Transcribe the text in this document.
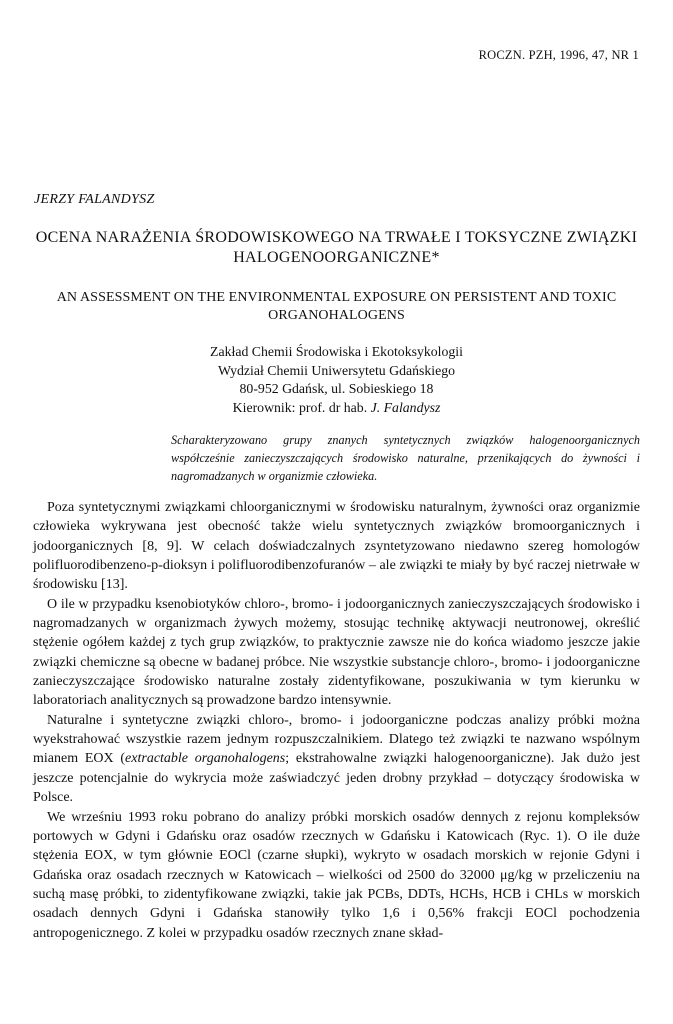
ROCZN. PZH, 1996, 47, NR 1
JERZY FALANDYSZ
OCENA NARAŻENIA ŚRODOWISKOWEGO NA TRWAŁE I TOKSYCZNE ZWIĄZKI HALOGENOORGANICZNE*
AN ASSESSMENT ON THE ENVIRONMENTAL EXPOSURE ON PERSISTENT AND TOXIC ORGANOHALOGENS
Zakład Chemii Środowiska i Ekotoksykologii
Wydział Chemii Uniwersytetu Gdańskiego
80-952 Gdańsk, ul. Sobieskiego 18
Kierownik: prof. dr hab. J. Falandysz
Scharakteryzowano grupy znanych syntetycznych związków halogenoorganicznych współcześnie zanieczyszczających środowisko naturalne, przenikających do żywności i nagromadzanych w organizmie człowieka.

Poza syntetycznymi związkami chloorganicznymi w środowisku naturalnym, żywności oraz organizmie człowieka wykrywana jest obecność także wielu syntetycznych związków bromoorganicznych i jodoorganicznych [8, 9]. W celach doświadczalnych zsyntetyzowano niedawno szereg homologów polifluorodibenzeno-p-dioksyn i polifluorodibenzofuranów – ale związki te miały by być raczej nietrwałe w środowisku [13].

O ile w przypadku ksenobiotyków chloro-, bromo- i jodoorganicznych zanieczyszczających środowisko i nagromadzanych w organizmach żywych możemy, stosując technikę aktywacji neutronowej, określić stężenie ogółem każdej z tych grup związków, to praktycznie zawsze nie do końca wiadomo jeszcze jakie związki chemiczne są obecne w badanej próbce. Nie wszystkie substancje chloro-, bromo- i jodoorganiczne zanieczyszczające środowisko naturalne zostały zidentyfikowane, poszukiwania w tym kierunku w laboratoriach analitycznych są prowadzone bardzo intensywnie.

Naturalne i syntetyczne związki chloro-, bromo- i jodoorganiczne podczas analizy próbki można wyekstrahować wszystkie razem jednym rozpuszczalnikiem. Dlatego też związki te nazwano wspólnym mianem EOX (extractable organohalogens; ekstrahowalne związki halogenoorganiczne). Jak dużo jest jeszcze potencjalnie do wykrycia może zaświadczyć jeden drobny przykład – dotyczący środowiska w Polsce.

We wrześniu 1993 roku pobrano do analizy próbki morskich osadów dennych z rejonu kompleksów portowych w Gdyni i Gdańsku oraz osadów rzecznych w Gdańsku i Katowicach (Ryc. 1). O ile duże stężenia EOX, w tym głównie EOCl (czarne słupki), wykryto w osadach morskich w rejonie Gdyni i Gdańska oraz osadach rzecznych w Katowicach – wielkości od 2500 do 32000 μg/kg w przeliczeniu na suchą masę próbki, to zidentyfikowane związki, takie jak PCBs, DDTs, HCHs, HCB i CHLs w morskich osadach dennych Gdyni i Gdańska stanowiły tylko 1,6 i 0,56% frakcji EOCl pochodzenia antropogenicznego. Z kolei w przypadku osadów rzecznych znane skład-
